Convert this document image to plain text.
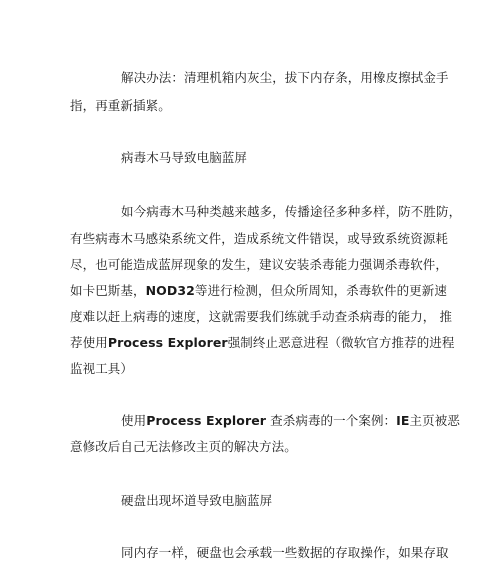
解决办法：清理机箱内灰尘，拔下内存条，用橡皮擦拭金手
指，再重新插紧。
病毒木马导致电脑蓝屏
如今病毒木马种类越来越多，传播途径多种多样，防不胜防，
有些病毒木马感染系统文件，造成系统文件错误，或导致系统资源耗
尽，也可能造成蓝屏现象的发生，建议安装杀毒能力强调杀毒软件，
如卡巴斯基，NOD32等进行检测，但众所周知，杀毒软件的更新速
度难以赶上病毒的速度，这就需要我们练就手动查杀病毒的能力， 推
荐使用Process Explorer强制终止恶意进程（微软官方推荐的进程
监视工具）
使用Process Explorer 查杀病毒的一个案例：IE主页被恶
意修改后自己无法修改主页的解决方法。
硬盘出现坏道导致电脑蓝屏
同内存一样，硬盘也会承载一些数据的存取操作，如果存取
